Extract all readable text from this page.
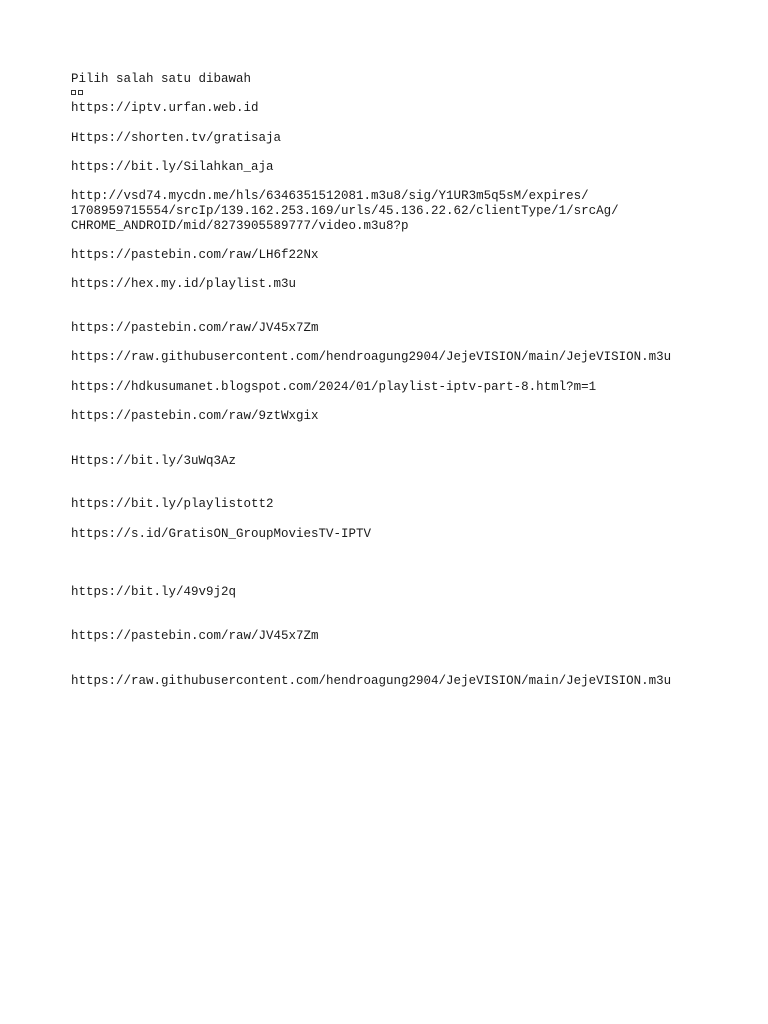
Pilih salah satu dibawah

https://iptv.urfan.web.id

Https://shorten.tv/gratisaja

https://bit.ly/Silahkan_aja

http://vsd74.mycdn.me/hls/6346351512081.m3u8/sig/Y1UR3m5q5sM/expires/

1708959715554/srcIp/139.162.253.169/urls/45.136.22.62/clientType/1/srcAg/

CHROME_ANDROID/mid/8273905589777/video.m3u8?p

https://pastebin.com/raw/LH6f22Nx

https://hex.my.id/playlist.m3u

https://pastebin.com/raw/JV45x7Zm

https://raw.githubusercontent.com/hendroagung2904/JejeVISION/main/JejeVISION.m3u

https://hdkusumanet.blogspot.com/2024/01/playlist-iptv-part-8.html?m=1

https://pastebin.com/raw/9ztWxgix

Https://bit.ly/3uWq3Az

https://bit.ly/playlistott2

https://s.id/GratisON_GroupMoviesTV-IPTV

https://bit.ly/49v9j2q

https://pastebin.com/raw/JV45x7Zm

https://raw.githubusercontent.com/hendroagung2904/JejeVISION/main/JejeVISION.m3u
